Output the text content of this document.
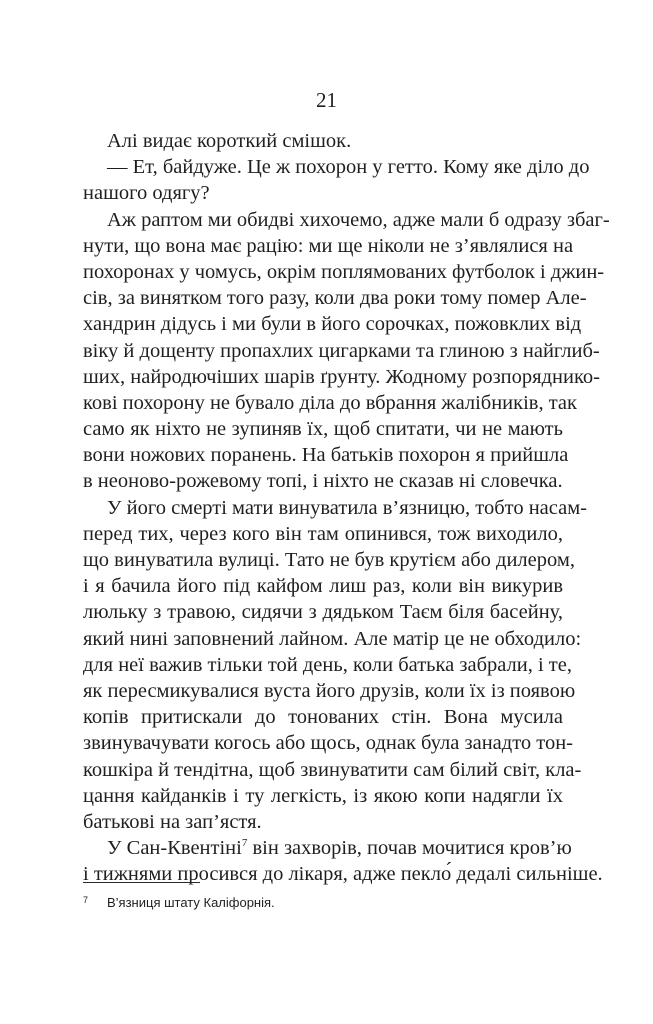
21
Алі видає короткий смішок.
— Ет, байдуже. Це ж похорон у гетто. Кому яке діло до
нашого одягу?
Аж раптом ми обидві хихочемо, адже мали б одразу збаг-
нути, що вона має рацію: ми ще ніколи не з’являлися на
похоронах у чомусь, окрім поплямованих футболок і джин-
сів, за винятком того разу, коли два роки тому помер Але-
хандрин дідусь і ми були в його сорочках, пожовклих від
віку й дощенту пропахлих цигарками та глиною з найглиб-
ших, найродючіших шарів ґрунту. Жодному розпоряднико-
кові похорону не бувало діла до вбрання жалібників, так
само як ніхто не зупиняв їх, щоб спитати, чи не мають
вони ножових поранень. На батьків похорон я прийшла
в неоново-рожевому топі, і ніхто не сказав ні словечка.
У його смерті мати винуватила в’язницю, тобто насам-
перед тих, через кого він там опинився, тож виходило,
що винуватила вулиці. Тато не був крутієм або дилером,
і я бачила його під кайфом лиш раз, коли він викурив
люльку з травою, сидячи з дядьком Таєм біля басейну,
який нині заповнений лайном. Але матір це не обходило:
для неї важив тільки той день, коли батька забрали, і те,
як пересмикувалися вуста його друзів, коли їх із появою
копів притискали до тонованих стін. Вона мусила
звинувачувати когось або щось, однак була занадто тон-
кошкіра й тендітна, щоб звинуватити сам білий світ, кла-
цання кайданків і ту легкість, із якою копи надягли їх
батькові на зап’ястя.
У Сан-Квентіні$^7$ він захворів, почав мочитися кров’ю
і тижнями просився до лікаря, адже пекло́ дедалі сильніше.
7 В’язниця штату Каліфорнія.
